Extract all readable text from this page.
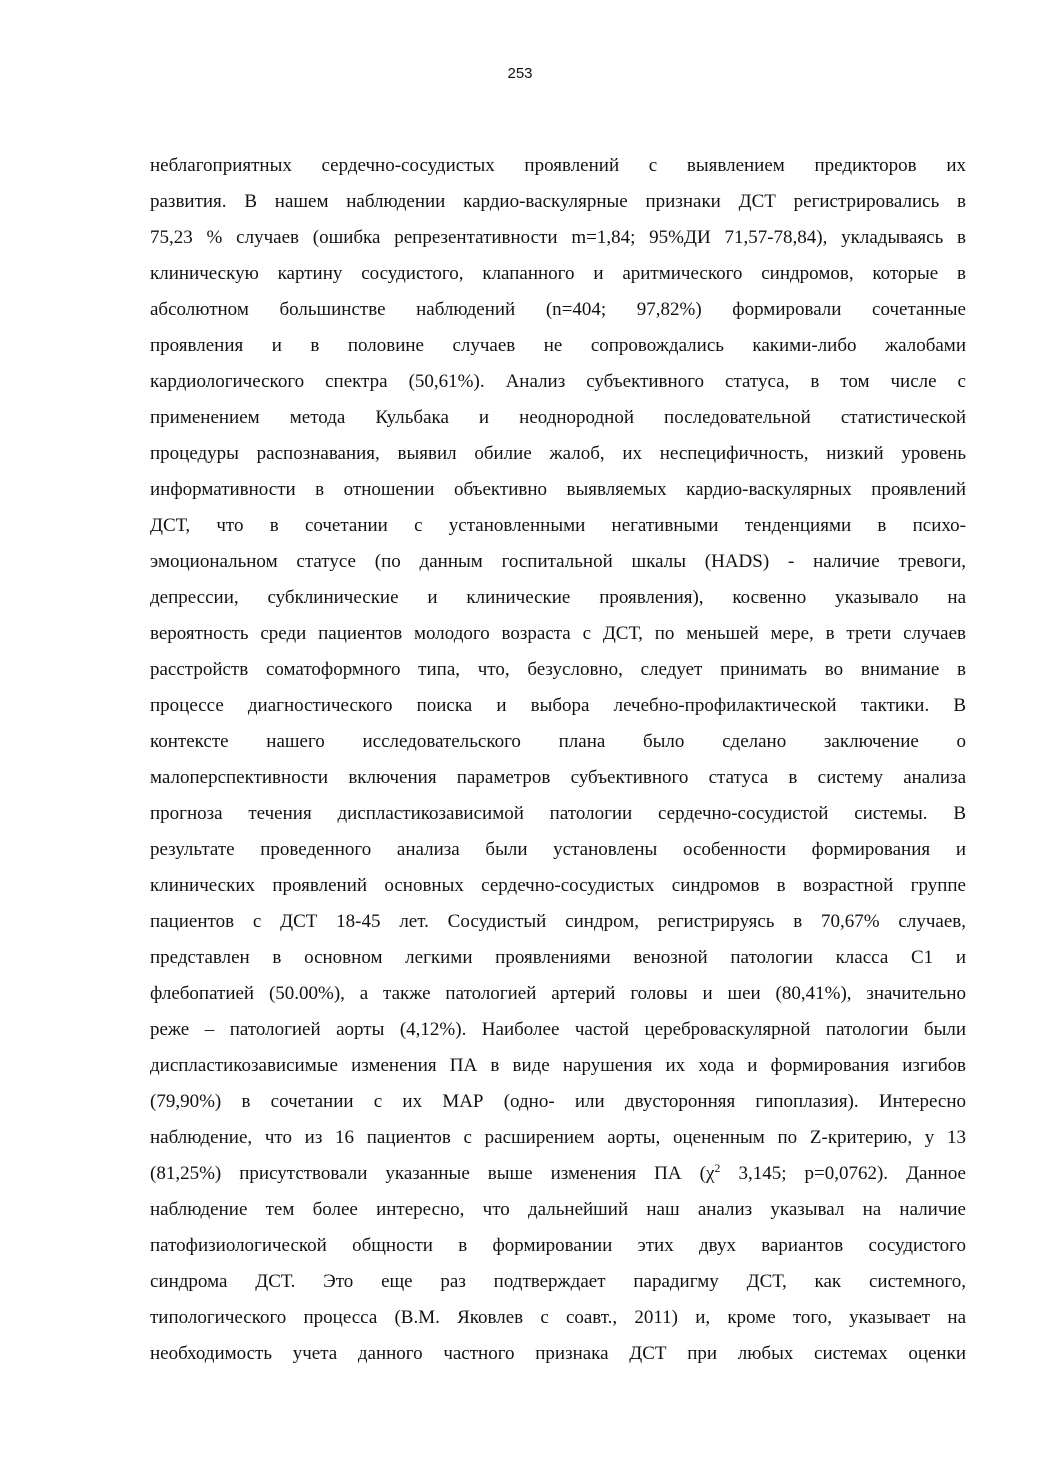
253
неблагоприятных сердечно-сосудистых проявлений с выявлением предикторов их
развития. В нашем наблюдении кардио-васкулярные признаки ДСТ регистрировались в
75,23 % случаев (ошибка репрезентативности m=1,84; 95%ДИ 71,57-78,84), укладываясь в
клиническую картину сосудистого, клапанного и аритмического синдромов, которые в
абсолютном большинстве наблюдений (n=404; 97,82%) формировали сочетанные
проявления и в половине случаев не сопровождались какими-либо жалобами
кардиологического спектра (50,61%). Анализ субъективного статуса, в том числе с
применением метода Кульбака и неоднородной последовательной статистической
процедуры распознавания, выявил обилие жалоб, их неспецифичность, низкий уровень
информативности в отношении объективно выявляемых кардио-васкулярных проявлений
ДСТ, что в сочетании с установленными негативными тенденциями в психо-
эмоциональном статусе (по данным госпитальной шкалы (HADS) - наличие тревоги,
депрессии, субклинические и клинические проявления), косвенно указывало на
вероятность среди пациентов молодого возраста с ДСТ, по меньшей мере, в трети случаев
расстройств соматоформного типа, что, безусловно, следует принимать во внимание в
процессе диагностического поиска и выбора лечебно-профилактической тактики. В
контексте нашего исследовательского плана было сделано заключение о
малоперспективности включения параметров субъективного статуса в систему анализа
прогноза течения диспластикозависимой патологии сердечно-сосудистой системы. В
результате проведенного анализа были установлены особенности формирования и
клинических проявлений основных сердечно-сосудистых синдромов в возрастной группе
пациентов с ДСТ 18-45 лет. Сосудистый синдром, регистрируясь в 70,67% случаев,
представлен в основном легкими проявлениями венозной патологии класса С1 и
флебопатией (50.00%), а также патологией артерий головы и шеи (80,41%), значительно
реже – патологией аорты (4,12%). Наиболее частой цереброваскулярной патологии были
диспластикозависимые изменения ПА в виде нарушения их хода и формирования изгибов
(79,90%) в сочетании с их МАР (одно- или двусторонняя гипоплазия). Интересно
наблюдение, что из 16 пациентов с расширением аорты, оцененным по Z-критерию, у 13
(81,25%) присутствовали указанные выше изменения ПА ($\chi^2$ 3,145; p=0,0762). Данное
наблюдение тем более интересно, что дальнейший наш анализ указывал на наличие
патофизиологической общности в формировании этих двух вариантов сосудистого
синдрома ДСТ. Это еще раз подтверждает парадигму ДСТ, как системного,
типологического процесса (В.М. Яковлев с соавт., 2011) и, кроме того, указывает на
необходимость учета данного частного признака ДСТ при любых системах оценки
